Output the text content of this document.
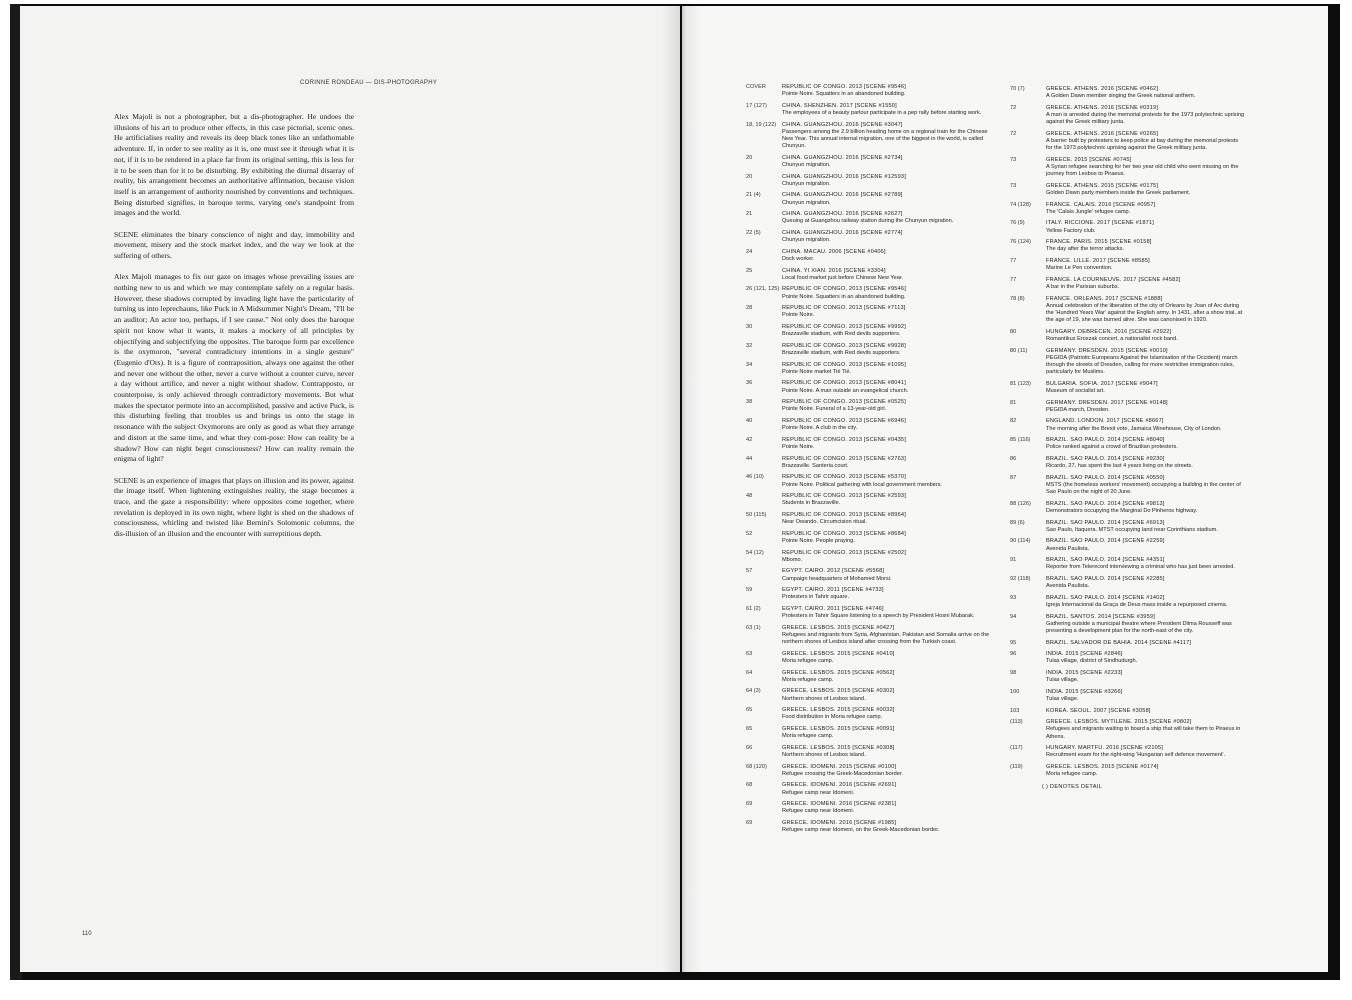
CORINNE RONDEAU — DIS-PHOTOGRAPHY

Alex Majoli is not a photographer, but a dis-photographer. He undoes the illusions of his art to produce other effects, in this case pictorial, scenic ones. He artificialises reality and reveals its deep black tones like an unfathomable adventure. If, in order to see reality as it is, one must see it through what it is not, if it is to be rendered in a place far from its original setting, this is less for it to be seen than for it to be disturbing. By exhibiting the diurnal disarray of reality, his arrangement becomes an authoritative affirmation, because vision itself is an arrangement of authority nourished by conventions and techniques. Being disturbed signifies, in baroque terms, varying one's standpoint from images and the world.

SCENE eliminates the binary conscience of night and day, immobility and movement, misery and the stock market index, and the way we look at the suffering of others.

Alex Majoli manages to fix our gaze on images whose prevailing issues are nothing new to us and which we may contemplate safely on a regular basis. However, these shadows corrupted by invading light have the particularity of turning us into leprechauns, like Puck in A Midsummer Night's Dream, "I'll be an auditor; An actor too, perhaps, if I see cause." Not only does the baroque spirit not know what it wants, it makes a mockery of all principles by objectifying and subjectifying the opposites. The baroque form par excellence is the oxymoron, "several contradictory intentions in a single gesture" (Eugenio d'Ors). It is a figure of contraposition, always one against the other and never one without the other, never a curve without a counter curve, never a day without artifice, and never a night without shadow. Contrapposto, or counterpoise, is only achieved through contradictory movements. But what makes the spectator permute into an accomplished, passive and active Puck, is this disturbing feeling that troubles us and brings us onto the stage in resonance with the subject Oxymorons are only as good as what they arrange and distort at the same time, and what they com-pose: How can reality be a shadow? How can night beget consciousness? How can reality remain the enigma of light?

SCENE is an experience of images that plays on illusion and its power, against the image itself. When lightening extinguishes reality, the stage becomes a trace, and the gaze a responsibility: where opposites come together, where revelation is deployed in its own night, where light is shed on the shadows of consciousness, whirling and twisted like Bernini's Solomonic columns, the dis-illusion of an illusion and the encounter with surreptitious depth.

110
COVER	REPUBLIC OF CONGO. 2013 [SCENE #9546]
Pointe Noire. Squatters in an abandoned building.
17 (127)	CHINA. SHENZHEN. 2017 [SCENE #1550]
The employees of a beauty parlour participate in a pep rally before starting work.
18, 19 (122)	CHINA. GUANGZHOU. 2016 [SCENE #3047]
Passengers among the 2.9 billion heading home on a regional train for the Chinese New Year. This annual internal migration, one of the biggest in the world, is called Chunyun.
20	CHINA. GUANGZHOU. 2016 [SCENE #2734]
Chunyun migration.
20	CHINA. GUANGZHOU. 2016 [SCENE #12593]
Chunyun migration.
21 (4)	CHINA. GUANGZHOU. 2016 [SCENE #2789]
Chunyun migration.
21	CHINA. GUANGZHOU. 2016 [SCENE #2627]
Queuing at Guangzhou railway station during the Chunyun migration.
22 (5)	CHINA. GUANGZHOU. 2016 [SCENE #2774]
Chunyun migration.
24	CHINA. MACAU. 2006 [SCENE #0406]
Dock worker.
25	CHINA. YI XIAN. 2016 [SCENE #3304]
Local food market just before Chinese New Year.
26 (121, 125) REPUBLIC OF CONGO. 2013 [SCENE #9546]
Pointe Noire. Squatters in an abandoned building.
28	REPUBLIC OF CONGO. 2013 [SCENE #7113]
Pointe Noire.
30	REPUBLIC OF CONGO. 2013 [SCENE #9992]
Brazzaville stadium, with Red devils supporters.
32	REPUBLIC OF CONGO. 2013 [SCENE #9928]
Brazzaville stadium, with Red devils supporters.
34	REPUBLIC OF CONGO. 2013 [SCENE #1095]
Pointe Noire market Tié Tié.
36	REPUBLIC OF CONGO. 2013 [SCENE #8041]
Pointe Noire. A man outside an evangelical church.
38	REPUBLIC OF CONGO. 2013 [SCENE #0525]
Pointe Noire. Funeral of a 13-year-old girl.
40	REPUBLIC OF CONGO. 2013 [SCENE #6946]
Pointe Noire. A club in the city.
42	REPUBLIC OF CONGO. 2013 [SCENE #0435]
Pointe Noire.
44	REPUBLIC OF CONGO. 2013 [SCENE #2763]
Brazzaville. Santeria court.
46 (10)	REPUBLIC OF CONGO. 2013 [SCENE #5370]
Pointe Noire. Political gathering with local government members.
48	REPUBLIC OF CONGO. 2013 [SCENE #2593]
Students in Brazzaville.
50 (115)	REPUBLIC OF CONGO. 2013 [SCENE #8964]
Near Owando. Circumcision ritual.
52	REPUBLIC OF CONGO. 2013 [SCENE #8684]
Pointe Noire. People praying.
54 (12)	REPUBLIC OF CONGO. 2013 [SCENE #2502]
Mbomo.
57	EGYPT. CAIRO. 2012 [SCENE #5568]
Campaign headquarters of Mohamed Morsi.
59	EGYPT. CAIRO. 2011 [SCENE #4733]
Protesters in Tahrir square.
61 (2)	EGYPT. CAIRO. 2011 [SCENE #4746]
Protesters in Tahrir Square listening to a speech by President Hosni Mubarak.
63 (1)	GREECE. LESBOS. 2015 [SCENE #0427]
Refugees and migrants from Syria, Afghanistan, Pakistan and Somalia arrive on the northern shores of Lesbos island after crossing from the Turkish coast.
63	GREECE. LESBOS. 2015 [SCENE #0410]
Moria refugee camp.
64	GREECE. LESBOS. 2015 [SCENE #0562]
Moria refugee camp.
64 (3)	GREECE. LESBOS. 2015 [SCENE #0302]
Northern shores of Lesbos island.
65	GREECE. LESBOS. 2015 [SCENE #0032]
Food distribution in Moria refugee camp.
65	GREECE. LESBOS. 2015 [SCENE #0091]
Moria refugee camp.
66	GREECE. LESBOS. 2015 [SCENE #0308]
Northern shores of Lesbos island.
68 (120)	GREECE. IDOMENI. 2015 [SCENE #0100]
Refugee crossing the Greek-Macedonian border.
68	GREECE. IDOMENI. 2016 [SCENE #2691]
Refugee camp near Idomeni.
69	GREECE. IDOMENI. 2016 [SCENE #2381]
Refugee camp near Idomeni.
69	GREECE. IDOMENI. 2016 [SCENE #1985]
Refugee camp near Idomeni, on the Greek-Macedonian border.
70 (7)	GREECE. ATHENS. 2016 [SCENE #0462]
A Golden Dawn member singing the Greek national anthem.
72	GREECE. ATHENS. 2016 [SCENE #0319]
A man is arrested during the memorial protests for the 1973 polytechnic uprising against the Greek military junta.
72	GREECE. ATHENS. 2016 [SCENE #0265]
A barrier built by protesters to keep police at bay during the memorial protests for the 1973 polytechnic uprising against the Greek military junta.
73	GREECE. 2015 [SCENE #0745]
A Syrian refugee searching for her two year old child who went missing on the journey from Lesbos to Piraeus.
73	GREECE. ATHENS. 2015 [SCENE #0175]
Golden Dawn party members inside the Greek parliament.
74 (128)	FRANCE. CALAIS. 2016 [SCENE #0957]
The 'Calais Jungle' refugee camp.
76 (9)	ITALY. RICCIONE. 2017 [SCENE #1871]
Yellow Factory club.
76 (124)	FRANCE. PARIS. 2015 [SCENE #0158]
The day after the terror attacks.
77	FRANCE. LILLE. 2017 [SCENE #8585]
Marine Le Pen convention.
77	FRANCE. LA COURNEUVE. 2017 [SCENE #4582]
A bar in the Parisian suburbs.
78 (8)	FRANCE. ORLEANS. 2017 [SCENE #1888]
Annual celebration of the liberation of the city of Orleans by Joan of Arc during the 'Hundred Years War' against the English army. In 1431, after a show trial, at the age of 19, she was burned alive. She was canonised in 1920.
80	HUNGARY. DEBRECEN. 2016 [SCENE #2922]
Romantikus Eroszak concert, a nationalist rock band.
80 (11)	GERMANY. DRESDEN. 2015 [SCENE #0010]
PEGIDA (Patriotic Europeans Against the Islamisation of the Occident) march through the streets of Dresden, calling for more restrictive immigration rules, particularly for Muslims.
81 (123)	BULGARIA. SOFIA. 2017 [SCENE #9047]
Museum of socialist art.
81	GERMANY. DRESDEN. 2017 [SCENE #0148]
PEGIDA march, Dresden.
82	ENGLAND. LONDON. 2017 [SCENE #8667]
The morning after the Brexit vote, Jamaica Winehouse, City of London.
85 (116)	BRAZIL. SAO PAULO. 2014 [SCENE #8040]
Police ranked against a crowd of Brazilian protesters.
86	BRAZIL. SAO PAULO. 2014 [SCENE #9230]
Ricardo, 27, has spent the last 4 years living on the streets.
87	BRAZIL. SAO PAULO. 2014 [SCENE #0550]
MSTS (the homeless workers' movement) occupying a building in the center of Sao Paulo on the night of 20 June.
88 (126)	BRAZIL. SAO PAULO. 2014 [SCENE #9813]
Demonstrators occupying the Marginal Do Pinheros highway.
89 (6)	BRAZIL. SAO PAULO. 2014 [SCENE #6913]
Sao Paulo, Itaquera. MTST occupying land near Corinthians stadium.
90 (114)	BRAZIL. SAO PAULO. 2014 [SCENE #2259]
Avenida Paulista.
91	BRAZIL. SAO PAULO. 2014 [SCENE #4351]
Reporter from Telerecord interviewing a criminal who has just been arrested.
92 (118)	BRAZIL. SAO PAULO. 2014 [SCENE #2285]
Avenida Paulista.
93	BRAZIL. SAO PAULO. 2014 [SCENE #1402]
Igreja Internacional da Graça de Deus mass inside a repurposed cinema.
94	BRAZIL. SANTOS. 2014 [SCENE #3959]
Gathering outside a municipal theatre where President Dilma Rousseff was presenting a development plan for the north-east of the city.
95	BRAZIL. SALVADOR DE BAHIA. 2014 [SCENE #4117]
96	INDIA. 2015 [SCENE #2846]
Tulas village, district of Sindhudurgh.
98	INDIA. 2015 [SCENE #2233]
Tulas village.
100	INDIA. 2015 [SCENE #3266]
Tulas village.
103	KOREA. SEOUL. 2007 [SCENE #3058]
(113)	GREECE. LESBOS. MYTILENE. 2015 [SCENE #0802]
Refugees and migrants waiting to board a ship that will take them to Piraeus in Athens.
(117)	HUNGARY. MARTFU. 2016 [SCENE #2105]
Recruitment exam for the right-wing 'Hungarian self defence movement'.
(119)	GREECE. LESBOS. 2015 [SCENE #0174]
Moria refugee camp.
( ) DENOTES DETAIL
